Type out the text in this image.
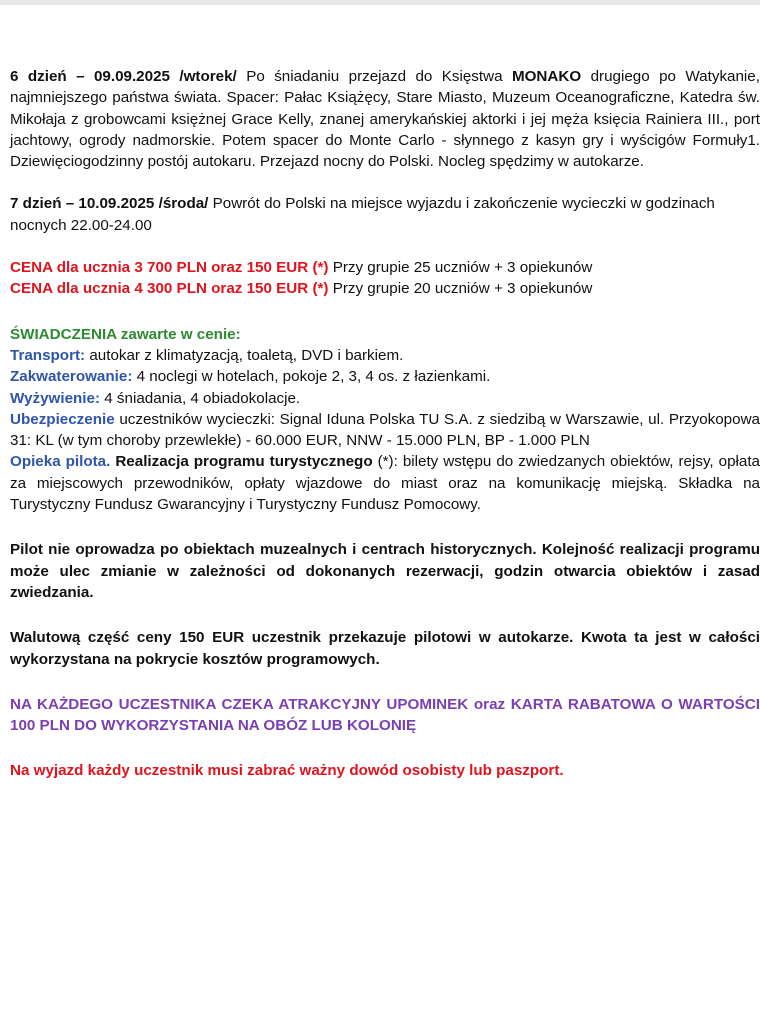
6 dzień – 09.09.2025 /wtorek/ Po śniadaniu przejazd do Księstwa MONAKO drugiego po Watykanie, najmniejszego państwa świata. Spacer: Pałac Książęcy, Stare Miasto, Muzeum Oceanograficzne, Katedra św. Mikołaja z grobowcami księżnej Grace Kelly, znanej amerykańskiej aktorki i jej męża księcia Rainiera III., port jachtowy, ogrody nadmorskie. Potem spacer do Monte Carlo - słynnego z kasyn gry i wyścigów Formuły1. Dziewięciogodzinny postój autokaru. Przejazd nocny do Polski. Nocleg spędzimy w autokarze.

7 dzień – 10.09.2025 /środa/ Powrót do Polski na miejsce wyjazdu i zakończenie wycieczki w godzinach nocnych 22.00-24.00

CENA dla ucznia 3 700 PLN oraz 150 EUR (*) Przy grupie 25 uczniów + 3 opiekunów

CENA dla ucznia 4 300 PLN oraz 150 EUR (*) Przy grupie 20 uczniów + 3 opiekunów

ŚWIADCZENIA zawarte w cenie:

Transport: autokar z klimatyzacją, toaletą, DVD i barkiem.

Zakwaterowanie: 4 noclegi w hotelach, pokoje 2, 3, 4 os. z łazienkami.

Wyżywienie: 4 śniadania, 4 obiadokolacje.

Ubezpieczenie uczestników wycieczki: Signal Iduna Polska TU S.A. z siedzibą w Warszawie, ul. Przyokopowa 31: KL (w tym choroby przewlekłe) - 60.000 EUR, NNW - 15.000 PLN, BP - 1.000 PLN

Opieka pilota. Realizacja programu turystycznego (*): bilety wstępu do zwiedzanych obiektów, rejsy, opłata za miejscowych przewodników, opłaty wjazdowe do miast oraz na komunikację miejską. Składka na Turystyczny Fundusz Gwarancyjny i Turystyczny Fundusz Pomocowy.

Pilot nie oprowadza po obiektach muzealnych i centrach historycznych. Kolejność realizacji programu może ulec zmianie w zależności od dokonanych rezerwacji, godzin otwarcia obiektów i zasad zwiedzania.

Walutową część ceny 150 EUR uczestnik przekazuje pilotowi w autokarze. Kwota ta jest w całości wykorzystana na pokrycie kosztów programowych.

NA KAŻDEGO UCZESTNIKA CZEKA ATRAKCYJNY UPOMINEK oraz KARTA RABATOWA O WARTOŚCI 100 PLN DO WYKORZYSTANIA NA OBÓZ LUB KOLONIĘ

Na wyjazd każdy uczestnik musi zabrać ważny dowód osobisty lub paszport.
